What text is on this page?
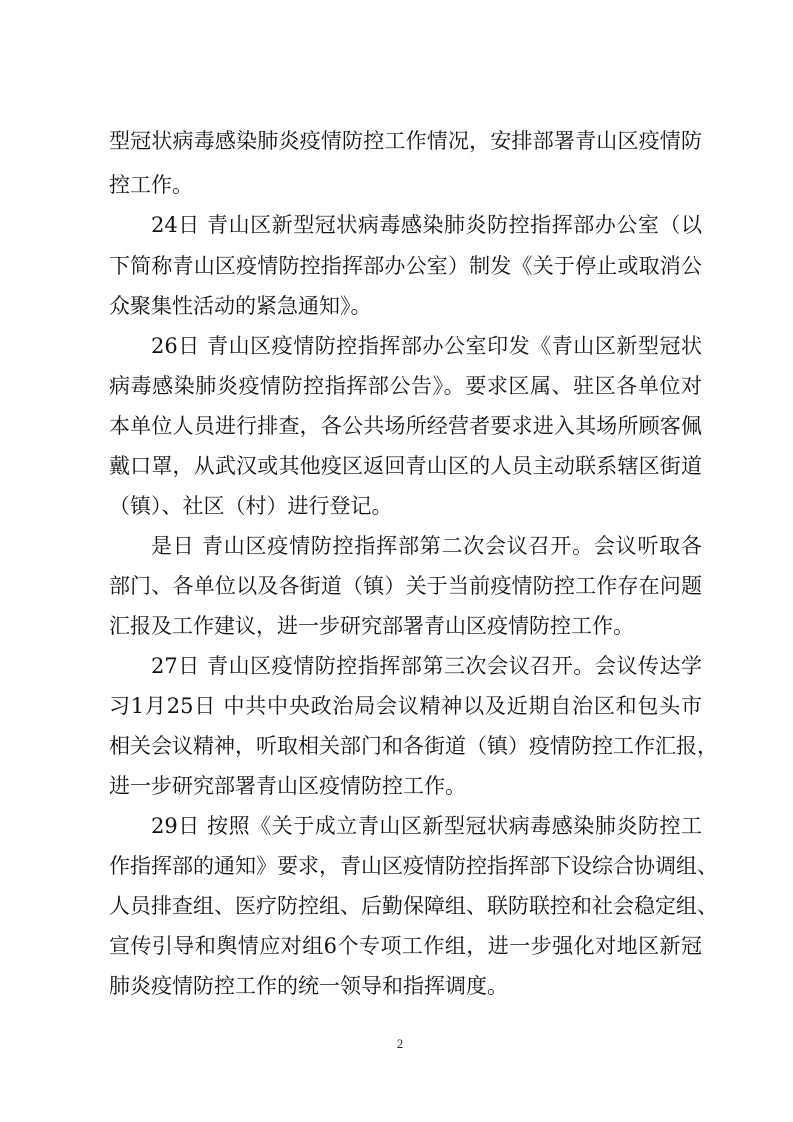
型冠状病毒感染肺炎疫情防控工作情况，安排部署青山区疫情防

控工作。

24日 青山区新型冠状病毒感染肺炎防控指挥部办公室（以

下简称青山区疫情防控指挥部办公室）制发《关于停止或取消公

众聚集性活动的紧急通知》。

26日 青山区疫情防控指挥部办公室印发《青山区新型冠状

病毒感染肺炎疫情防控指挥部公告》。要求区属、驻区各单位对

本单位人员进行排查，各公共场所经营者要求进入其场所顾客佩

戴口罩，从武汉或其他疫区返回青山区的人员主动联系辖区街道

（镇）、社区（村）进行登记。

是日 青山区疫情防控指挥部第二次会议召开。会议听取各

部门、各单位以及各街道（镇）关于当前疫情防控工作存在问题

汇报及工作建议，进一步研究部署青山区疫情防控工作。

27日 青山区疫情防控指挥部第三次会议召开。会议传达学

习1月25日 中共中央政治局会议精神以及近期自治区和包头市

相关会议精神，听取相关部门和各街道（镇）疫情防控工作汇报，

进一步研究部署青山区疫情防控工作。

29日 按照《关于成立青山区新型冠状病毒感染肺炎防控工

作指挥部的通知》要求，青山区疫情防控指挥部下设综合协调组、

人员排查组、医疗防控组、后勤保障组、联防联控和社会稳定组、

宣传引导和舆情应对组6个专项工作组，进一步强化对地区新冠

肺炎疫情防控工作的统一领导和指挥调度。

2
